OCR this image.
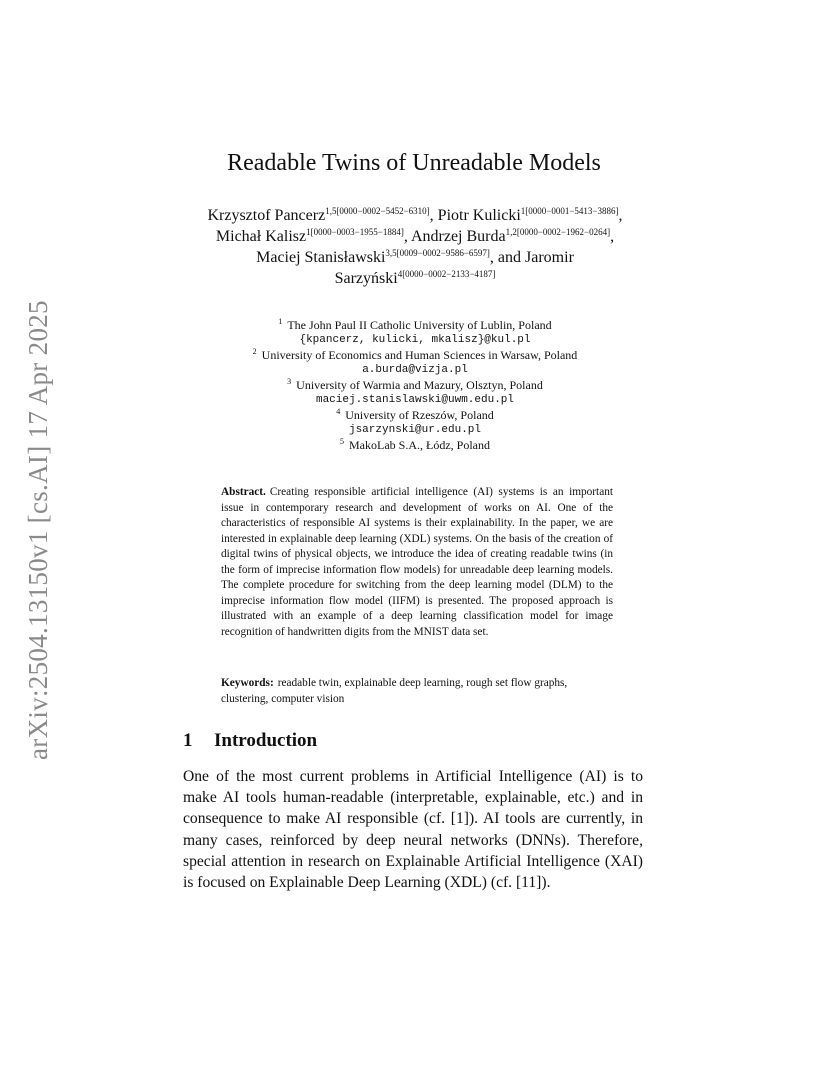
arXiv:2504.13150v1 [cs.AI] 17 Apr 2025
Readable Twins of Unreadable Models
Krzysztof Pancerz$^{1,5[0000-0002-5452-6310]}$, Piotr Kulicki$^{1[0000-0001-5413-3886]}$, Michał Kalisz$^{1[0000-0003-1955-1884]}$, Andrzej Burda$^{1,2[0000-0002-1962-0264]}$, Maciej Stanisławski$^{3,5[0009-0002-9586-6597]}$, and Jaromir Sarzyński$^{4[0000-0002-2133-4187]}$
$^1$ The John Paul II Catholic University of Lublin, Poland
{kpancerz, kulicki, mkalisz}@kul.pl
$^2$ University of Economics and Human Sciences in Warsaw, Poland
a.burda@vizja.pl
$^3$ University of Warmia and Mazury, Olsztyn, Poland
maciej.stanislawski@uwm.edu.pl
$^4$ University of Rzeszów, Poland
jsarzynski@ur.edu.pl
$^5$ MakoLab S.A., Łódz, Poland
Abstract. Creating responsible artificial intelligence (AI) systems is an important issue in contemporary research and development of works on AI. One of the characteristics of responsible AI systems is their explainability. In the paper, we are interested in explainable deep learning (XDL) systems. On the basis of the creation of digital twins of physical objects, we introduce the idea of creating readable twins (in the form of imprecise information flow models) for unreadable deep learning models. The complete procedure for switching from the deep learning model (DLM) to the imprecise information flow model (IIFM) is presented. The proposed approach is illustrated with an example of a deep learning classification model for image recognition of handwritten digits from the MNIST data set.
Keywords: readable twin, explainable deep learning, rough set flow graphs, clustering, computer vision
1 Introduction
One of the most current problems in Artificial Intelligence (AI) is to make AI tools human-readable (interpretable, explainable, etc.) and in consequence to make AI responsible (cf. [1]). AI tools are currently, in many cases, reinforced by deep neural networks (DNNs). Therefore, special attention in research on Explainable Artificial Intelligence (XAI) is focused on Explainable Deep Learning (XDL) (cf. [11]).
